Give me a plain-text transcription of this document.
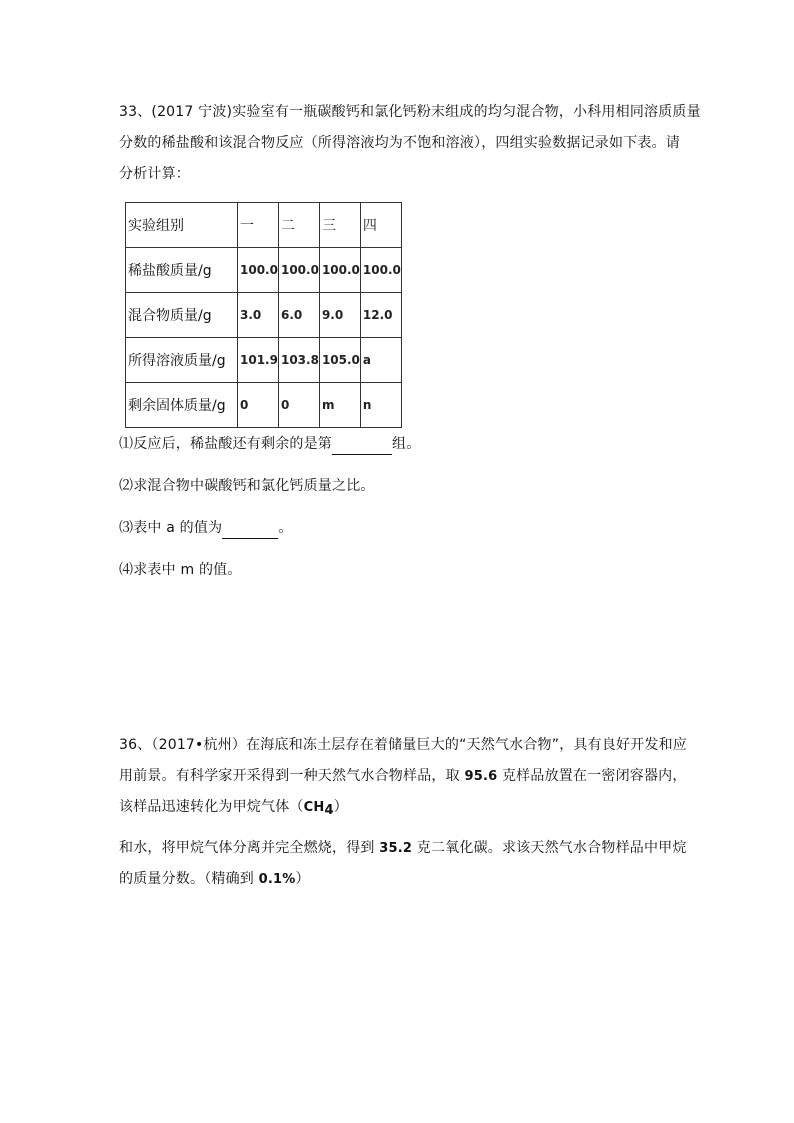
33、(2017 宁波)实验室有一瓶碳酸钙和氯化钙粉末组成的均匀混合物，小科用相同溶质质量
分数的稀盐酸和该混合物反应（所得溶液均为不饱和溶液），四组实验数据记录如下表。请
分析计算：
实验组别	一	二	三	四
稀盐酸质量/g	100.0	100.0	100.0	100.0
混合物质量/g	3.0	6.0	9.0	12.0
所得溶液质量/g	101.9	103.8	105.0	a
剩余固体质量/g	0	0	m	n
⑴反应后，稀盐酸还有剩余的是第	组。
⑵求混合物中碳酸钙和氯化钙质量之比。
⑶表中 a 的值为	。
⑷求表中 m 的值。
36、（2017•杭州）在海底和冻土层存在着储量巨大的“天然气水合物”，具有良好开发和应
用前景。有科学家开采得到一种天然气水合物样品，取 95.6 克样品放置在一密闭容器内，
该样品迅速转化为甲烷气体（CH4）
和水，将甲烷气体分离并完全燃烧，得到 35.2 克二氧化碳。求该天然气水合物样品中甲烷
的质量分数。（精确到 0.1%）
